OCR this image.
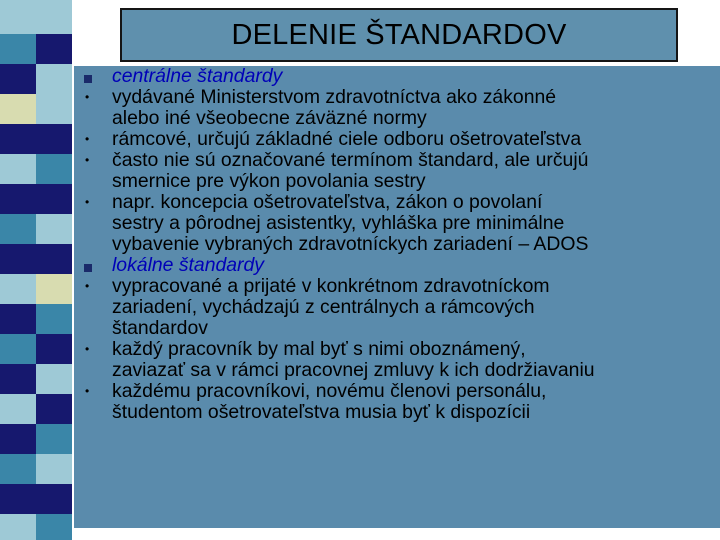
DELENIE ŠTANDARDOV
centrálne štandardy
vydávané Ministerstvom zdravotníctva ako zákonné
alebo iné všeobecne záväzné normy
rámcové, určujú základné ciele odboru ošetrovateľstva
často nie sú označované termínom štandard, ale určujú
smernice pre výkon povolania sestry
napr. koncepcia ošetrovateľstva, zákon o povolaní
sestry a pôrodnej asistentky, vyhláška pre minimálne
vybavenie vybraných zdravotníckych zariadení – ADOS
lokálne štandardy
vypracované a prijaté v konkrétnom zdravotníckom
zariadení, vychádzajú z centrálnych a rámcových
štandardov
každý pracovník by mal byť s nimi oboznámený,
zaviazať sa v rámci pracovnej zmluvy k ich dodržiavaniu
každému pracovníkovi, novému členovi personálu,
študentom ošetrovateľstva musia byť k dispozícii
